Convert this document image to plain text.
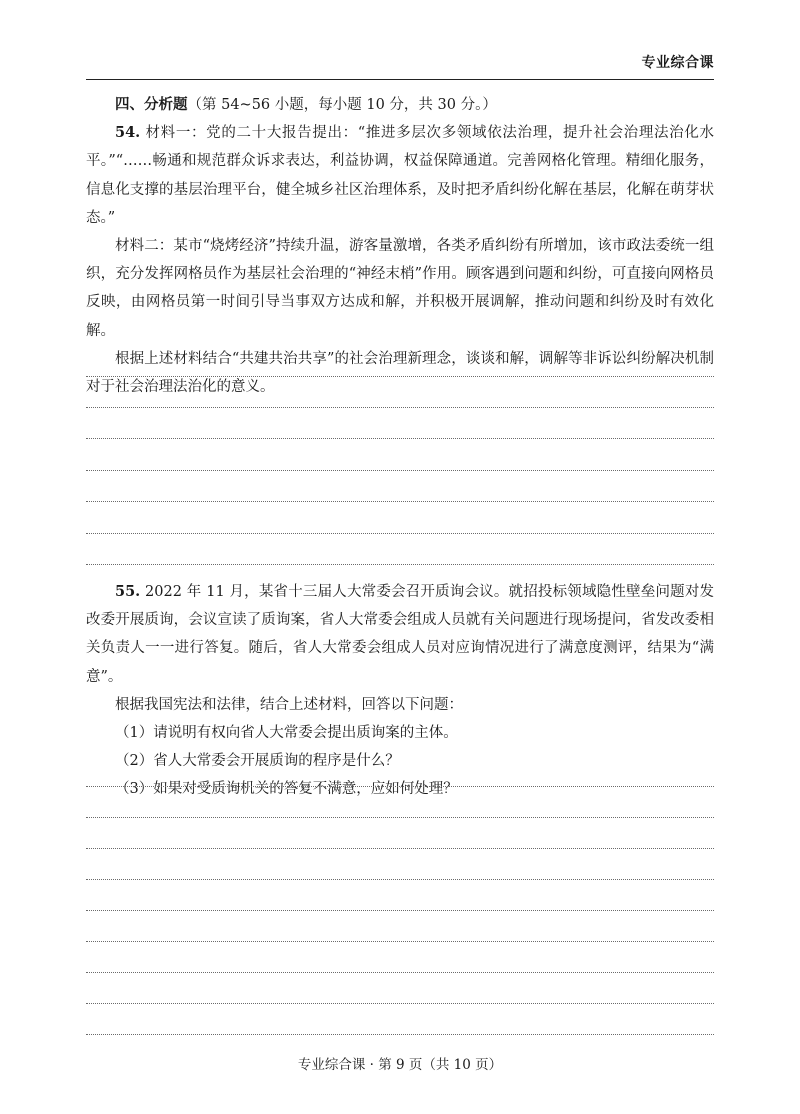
专业综合课

四、分析题（第 54~56 小题，每小题 10 分，共 30 分。）

54. 材料一：党的二十大报告提出：“推进多层次多领域依法治理，提升社会治理法治化水平。”“……畅通和规范群众诉求表达，利益协调，权益保障通道。完善网格化管理。精细化服务，信息化支撑的基层治理平台，健全城乡社区治理体系，及时把矛盾纠纷化解在基层，化解在萌芽状态。”

材料二：某市“烧烤经济”持续升温，游客量激增，各类矛盾纠纷有所增加，该市政法委统一组织，充分发挥网格员作为基层社会治理的“神经末梢”作用。顾客遇到问题和纠纷，可直接向网格员反映，由网格员第一时间引导当事双方达成和解，并积极开展调解，推动问题和纠纷及时有效化解。

根据上述材料结合“共建共治共享”的社会治理新理念，谈谈和解，调解等非诉讼纠纷解决机制对于社会治理法治化的意义。

55. 2022 年 11 月，某省十三届人大常委会召开质询会议。就招投标领域隐性壁垒问题对发改委开展质询，会议宣读了质询案，省人大常委会组成人员就有关问题进行现场提问，省发改委相关负责人一一进行答复。随后，省人大常委会组成人员对应询情况进行了满意度测评，结果为“满意”。

根据我国宪法和法律，结合上述材料，回答以下问题：

（1）请说明有权向省人大常委会提出质询案的主体。

（2）省人大常委会开展质询的程序是什么？

（3）如果对受质询机关的答复不满意，应如何处理？

专业综合课 · 第 9 页（共 10 页）
